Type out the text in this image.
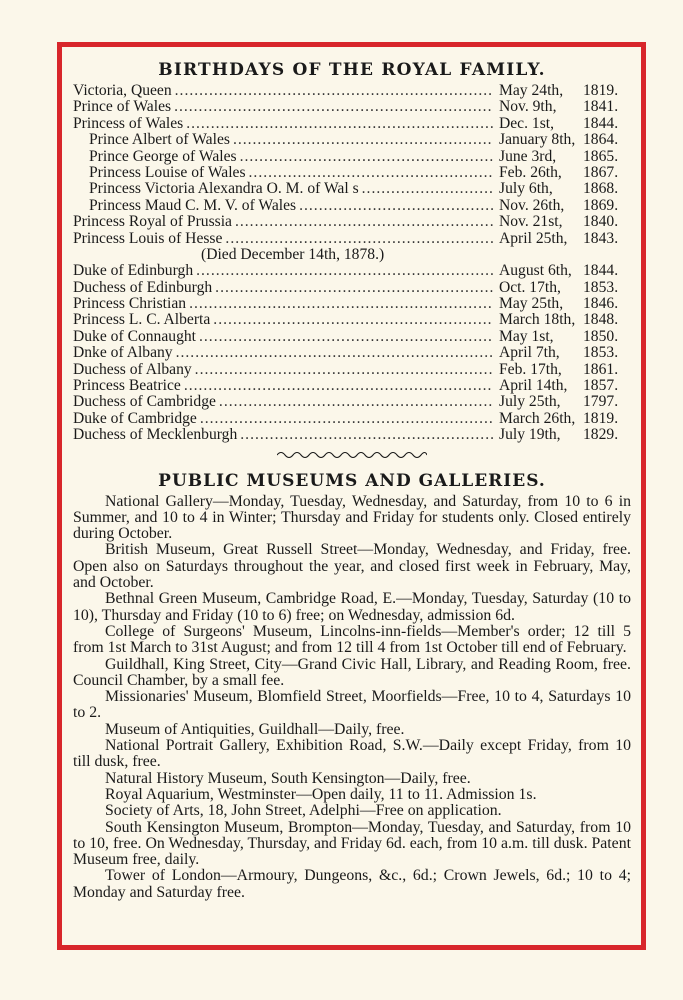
BIRTHDAYS OF THE ROYAL FAMILY.
Victoria, Queen .....	May 24th,	1819.
Prince of Wales .....	Nov. 9th,	1841.
Princess of Wales .....	Dec. 1st,	1844.
Prince Albert of Wales .....	January 8th, 1864.
Prince George of Wales .....	June 3rd,	1865.
Princess Louise of Wales .....	Feb. 26th,	1867.
Princess Victoria Alexandra O. M. of Wal s .....	July 6th,	1868.
Princess Maud C. M. V. of Wales .....	Nov. 26th,	1869.
Princess Royal of Prussia .....	Nov. 21st,	1840.
Princess Louis of Hesse .....	April 25th, 1843.
(Died December 14th, 1878.)
Duke of Edinburgh .....	August 6th, 1844.
Duchess of Edinburgh .....	Oct. 17th,	1853.
Princess Christian .....	May 25th,	1846.
Princess L. C. Alberta .....	March 18th, 1848.
Duke of Connaught .....	May 1st,	1850.
Dnke of Albany .....	April 7th,	1853.
Duchess of Albany .....	Feb. 17th,	1861.
Princess Beatrice .....	April 14th, 1857.
Duchess of Cambridge .....	July 25th,	1797.
Duke of Cambridge .....	March 26th, 1819.
Duchess of Mecklenburgh .....	July 19th,	1829.
PUBLIC MUSEUMS AND GALLERIES.

National Gallery—Monday, Tuesday, Wednesday, and Saturday, from 10 to 6 in Summer, and 10 to 4 in Winter; Thursday and Friday for students only. Closed entirely during October.

British Museum, Great Russell Street—Monday, Wednesday, and Friday, free. Open also on Saturdays throughout the year, and closed first week in February, May, and October.

Bethnal Green Museum, Cambridge Road, E.—Monday, Tuesday, Saturday (10 to 10), Thursday and Friday (10 to 6) free; on Wednesday, admission 6d.

College of Surgeons' Museum, Lincolns-inn-fields—Member's order; 12 till 5 from 1st March to 31st August; and from 12 till 4 from 1st October till end of February.

Guildhall, King Street, City—Grand Civic Hall, Library, and Reading Room, free. Council Chamber, by a small fee.

Missionaries' Museum, Blomfield Street, Moorfields—Free, 10 to 4, Saturdays 10 to 2.

Museum of Antiquities, Guildhall—Daily, free.

National Portrait Gallery, Exhibition Road, S.W.—Daily except Friday, from 10 till dusk, free.

Natural History Museum, South Kensington—Daily, free.

Royal Aquarium, Westminster—Open daily, 11 to 11. Admission 1s.

Society of Arts, 18, John Street, Adelphi—Free on application.

South Kensington Museum, Brompton—Monday, Tuesday, and Saturday, from 10 to 10, free. On Wednesday, Thursday, and Friday 6d. each, from 10 a.m. till dusk. Patent Museum free, daily.

Tower of London—Armoury, Dungeons, &c., 6d.; Crown Jewels, 6d.; 10 to 4; Monday and Saturday free.
